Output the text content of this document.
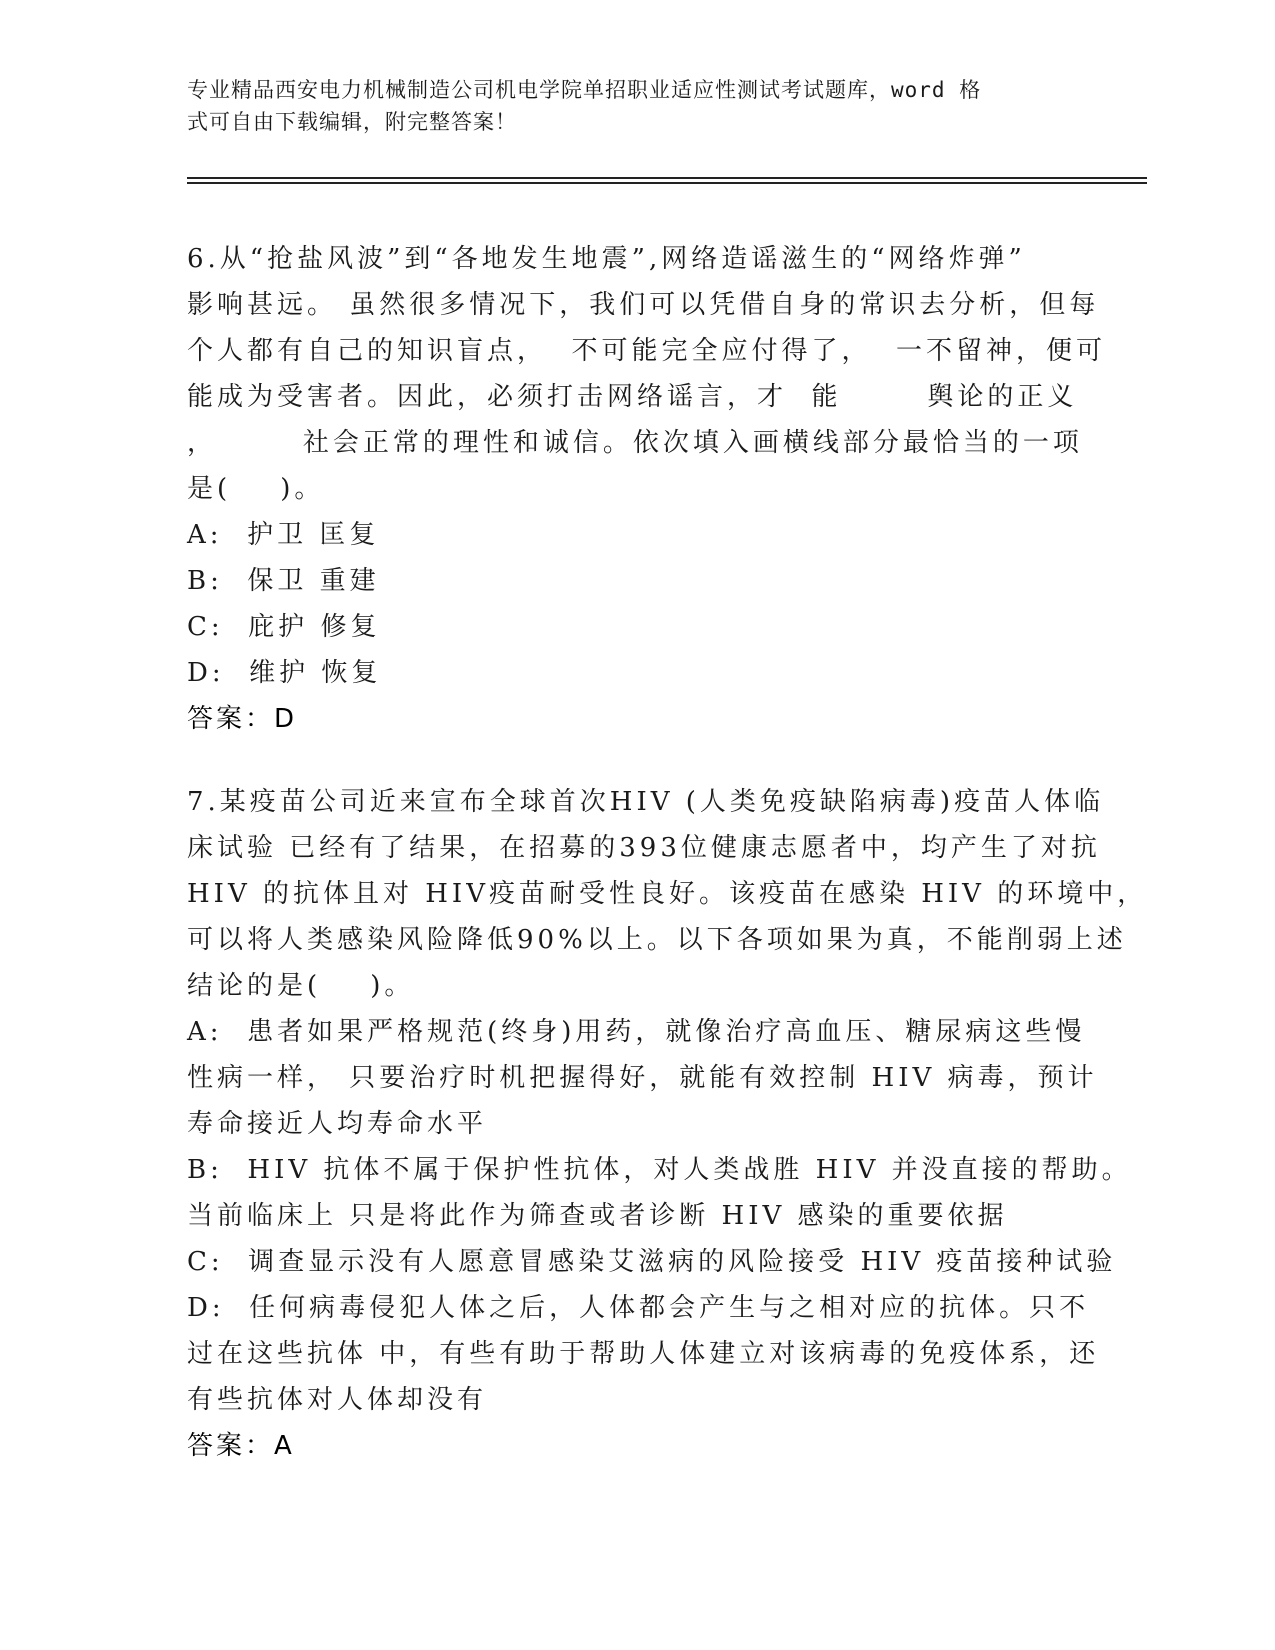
专业精品西安电力机械制造公司机电学院单招职业适应性测试考试题库，word 格
式可自由下载编辑，附完整答案！
6.从“抢盐风波”到“各地发生地震”,网络造谣滋生的“网络炸弹”
影响甚远。 虽然很多情况下，我们可以凭借自身的常识去分析，但每
个人都有自己的知识盲点，  不可能完全应付得了，  一不留神，便可
能成为受害者。因此，必须打击网络谣言，才  能       舆论的正义
，       社会正常的理性和诚信。依次填入画横线部分最恰当的一项
是(    )。
A:  护卫 匡复
B:  保卫 重建
C:  庇护 修复
D:  维护 恢复
答案：D
7.某疫苗公司近来宣布全球首次HIV (人类免疫缺陷病毒)疫苗人体临
床试验 已经有了结果，在招募的393位健康志愿者中，均产生了对抗
HIV 的抗体且对 HIV疫苗耐受性良好。该疫苗在感染 HIV 的环境中，
可以将人类感染风险降低90%以上。以下各项如果为真，不能削弱上述
结论的是(    )。
A:  患者如果严格规范(终身)用药，就像治疗高血压、糖尿病这些慢
性病一样， 只要治疗时机把握得好，就能有效控制 HIV 病毒，预计
寿命接近人均寿命水平
B:  HIV 抗体不属于保护性抗体，对人类战胜 HIV 并没直接的帮助。
当前临床上 只是将此作为筛查或者诊断 HIV 感染的重要依据
C:  调查显示没有人愿意冒感染艾滋病的风险接受 HIV 疫苗接种试验
D:  任何病毒侵犯人体之后，人体都会产生与之相对应的抗体。只不
过在这些抗体 中，有些有助于帮助人体建立对该病毒的免疫体系，还
有些抗体对人体却没有
答案：A
